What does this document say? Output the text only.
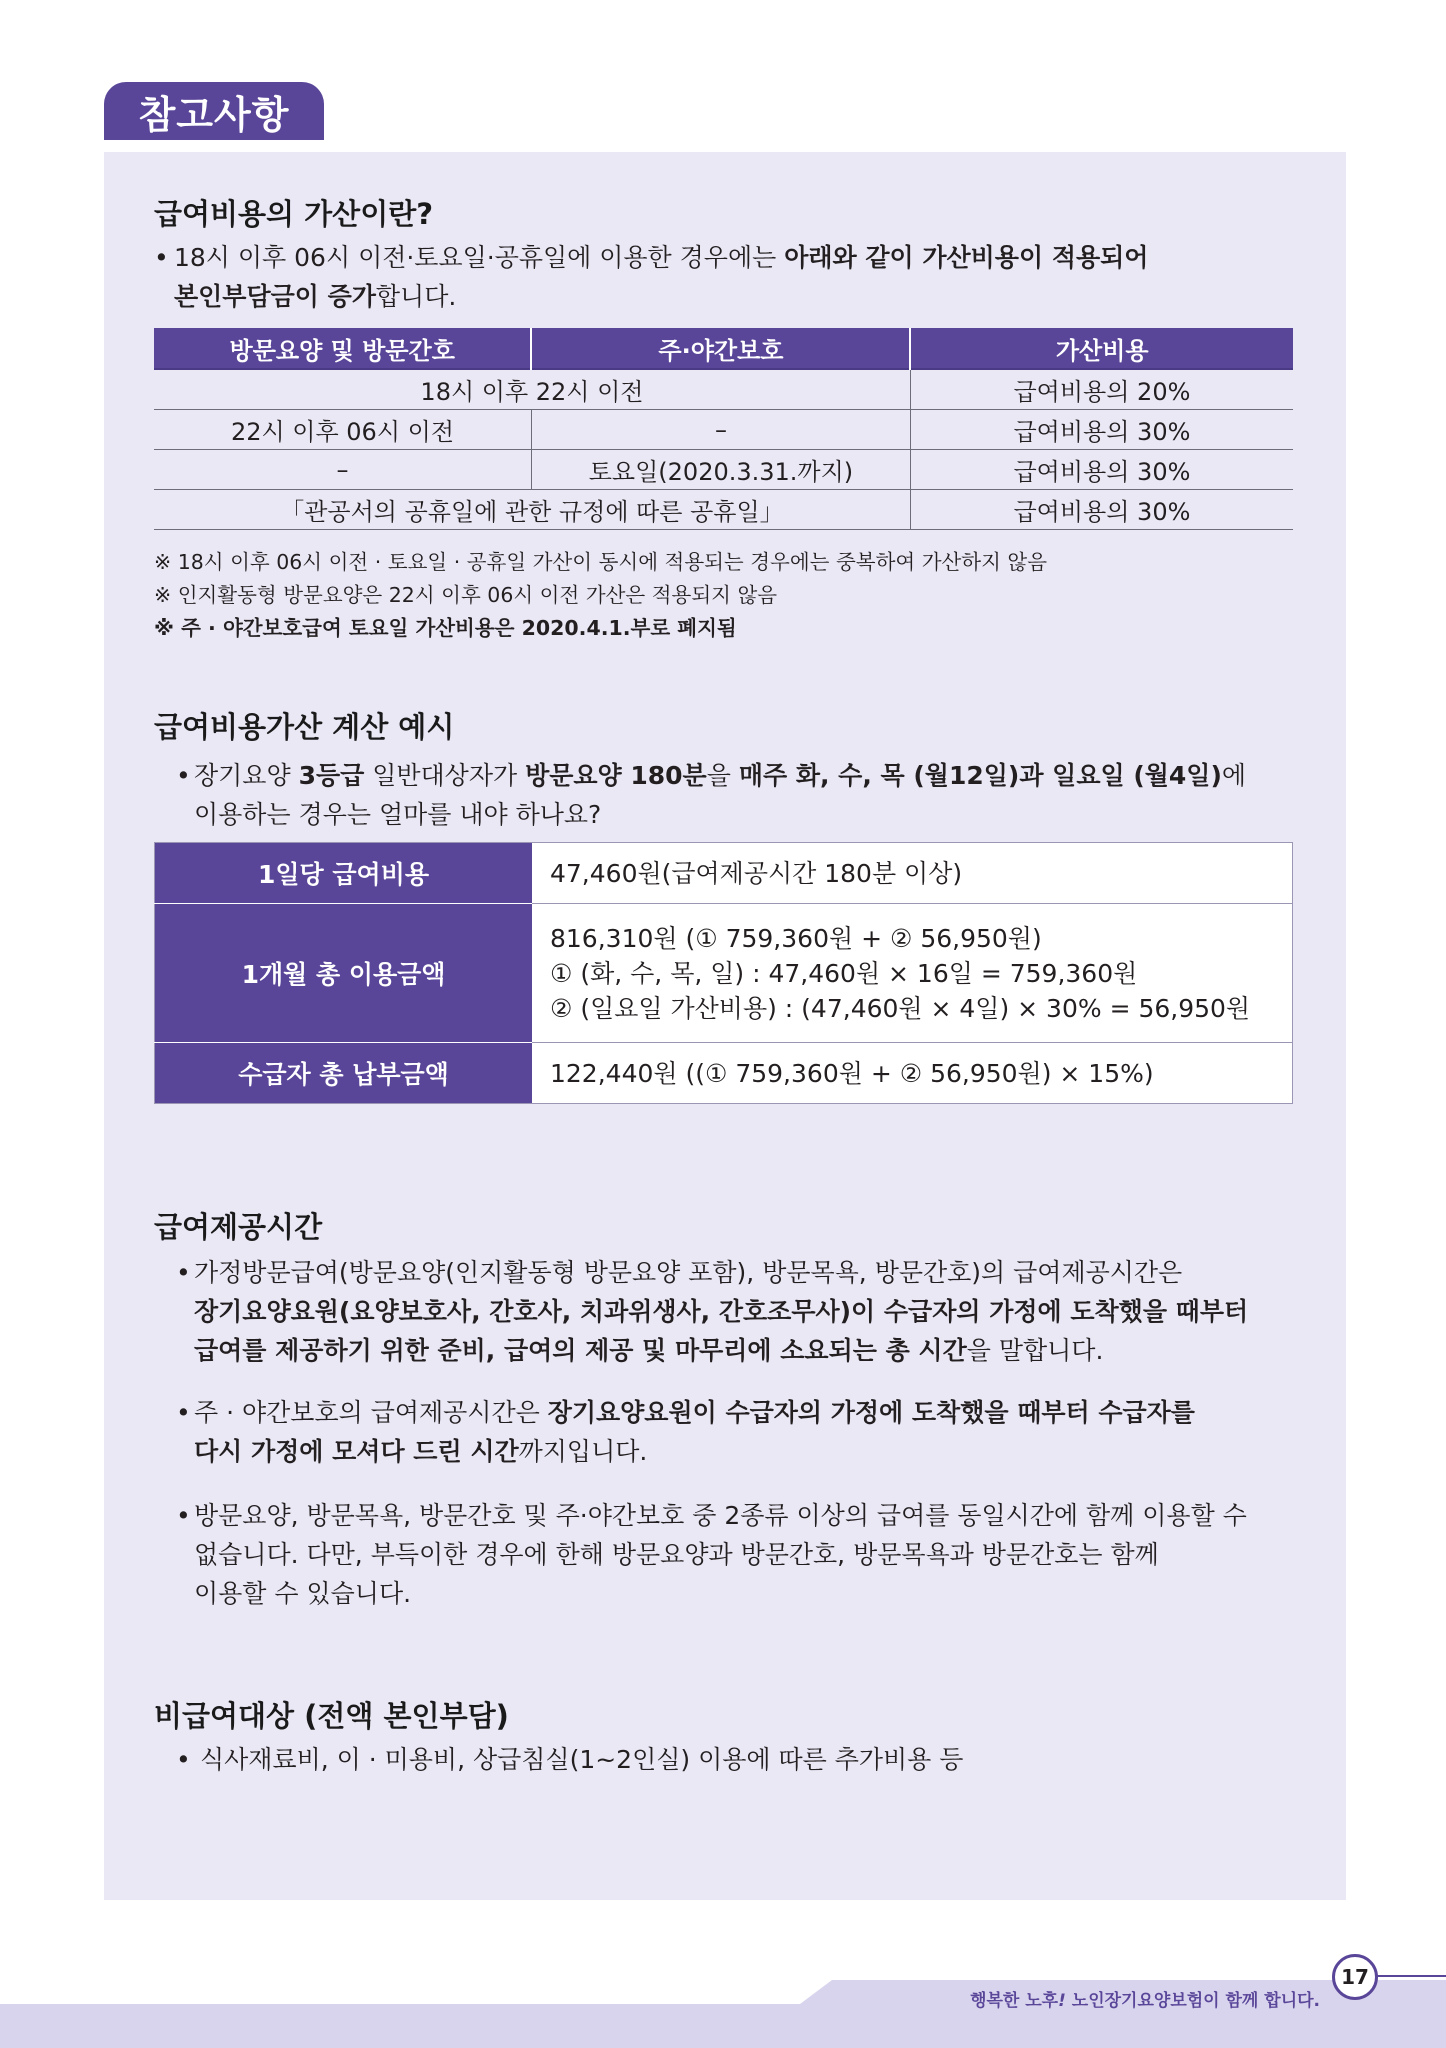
참고사항
급여비용의 가산이란?
• 18시 이후 06시 이전·토요일·공휴일에 이용한 경우에는 아래와 같이 가산비용이 적용되어
본인부담금이 증가합니다.
방문요양 및 방문간호	주·야간보호	가산비용
18시 이후 22시 이전		급여비용의 20%
22시 이후 06시 이전	–	급여비용의 30%
–	토요일(2020.3.31.까지)	급여비용의 30%
「관공서의 공휴일에 관한 규정에 따른 공휴일」		급여비용의 30%
※ 18시 이후 06시 이전 · 토요일 · 공휴일 가산이 동시에 적용되는 경우에는 중복하여 가산하지 않음
※ 인지활동형 방문요양은 22시 이후 06시 이전 가산은 적용되지 않음
※ 주 · 야간보호급여 토요일 가산비용은 2020.4.1.부로 폐지됨
급여비용가산 계산 예시
• 장기요양 3등급 일반대상자가 방문요양 180분을 매주 화, 수, 목 (월12일)과 일요일 (월4일)에
이용하는 경우는 얼마를 내야 하나요?
1일당 급여비용	47,460원(급여제공시간 180분 이상)
1개월 총 이용금액	816,310원 (① 759,360원 + ② 56,950원)
① (화, 수, 목, 일) : 47,460원 × 16일 = 759,360원
② (일요일 가산비용) : (47,460원 × 4일) × 30% = 56,950원

수급자 총 납부금액	122,440원 ((① 759,360원 + ② 56,950원) × 15%)
급여제공시간
• 가정방문급여(방문요양(인지활동형 방문요양 포함), 방문목욕, 방문간호)의 급여제공시간은
장기요양요원(요양보호사, 간호사, 치과위생사, 간호조무사)이 수급자의 가정에 도착했을 때부터
급여를 제공하기 위한 준비, 급여의 제공 및 마무리에 소요되는 총 시간을 말합니다.
• 주 · 야간보호의 급여제공시간은 장기요양요원이 수급자의 가정에 도착했을 때부터 수급자를
다시 가정에 모셔다 드린 시간까지입니다.
• 방문요양, 방문목욕, 방문간호 및 주·야간보호 중 2종류 이상의 급여를 동일시간에 함께 이용할 수
없습니다. 다만, 부득이한 경우에 한해 방문요양과 방문간호, 방문목욕과 방문간호는 함께
이용할 수 있습니다.
비급여대상 (전액 본인부담)
• 식사재료비, 이 · 미용비, 상급침실(1~2인실) 이용에 따른 추가비용 등
행복한 노후! 노인장기요양보험이 함께 합니다.
17
